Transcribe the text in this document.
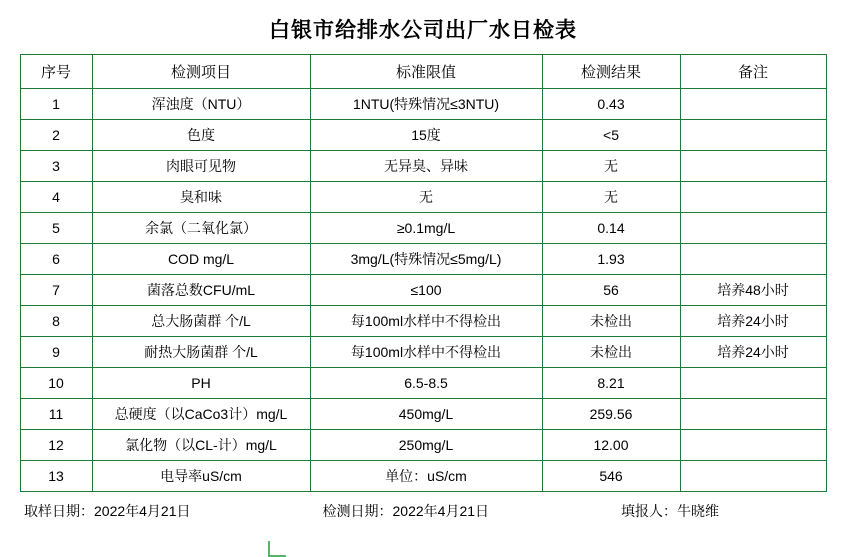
白银市给排水公司出厂水日检表
序号	检测项目	标准限值	检测结果	备注
1	浑浊度（NTU）	1NTU(特殊情况≤3NTU)	0.43	
2	色度	15度	<5	
3	肉眼可见物	无异臭、异味	无	
4	臭和味	无	无	
5	余氯（二氧化氯）	≥0.1mg/L	0.14	
6	COD mg/L	3mg/L(特殊情况≤5mg/L)	1.93	
7	菌落总数CFU/mL	≤100	56	培养48小时
8	总大肠菌群 个/L	每100ml水样中不得检出	未检出	培养24小时
9	耐热大肠菌群 个/L	每100ml水样中不得检出	未检出	培养24小时
10	PH	6.5-8.5	8.21	
11	总硬度（以CaCo3计）mg/L	450mg/L	259.56	
12	氯化物（以CL-计）mg/L	250mg/L	12.00	
13	电导率uS/cm	单位：uS/cm	546	
取样日期：2022年4月21日	检测日期：2022年4月21日	填报人：牛晓维
